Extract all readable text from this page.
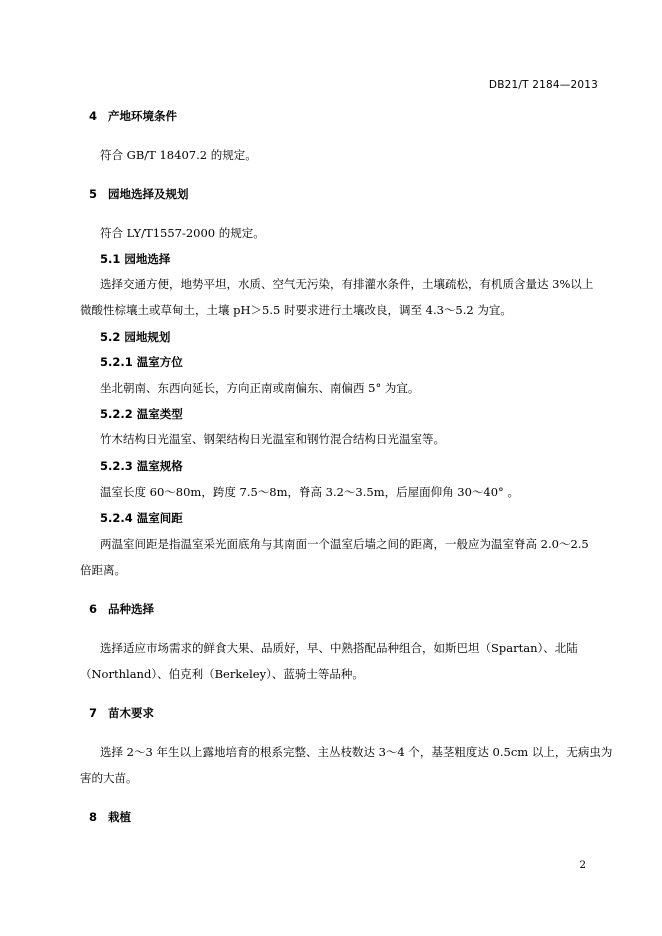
DB21/T 2184—2013
4 产地环境条件
符合 GB/T 18407.2 的规定。
5 园地选择及规划
符合 LY/T1557-2000 的规定。
5.1 园地选择
选择交通方便，地势平坦，水质、空气无污染，有排灌水条件，土壤疏松，有机质含量达 3%以上
微酸性棕壤土或草甸土，土壤 pH＞5.5 时要求进行土壤改良，调至 4.3～5.2 为宜。
5.2 园地规划
5.2.1 温室方位
坐北朝南、东西向延长，方向正南或南偏东、南偏西 5° 为宜。
5.2.2 温室类型
竹木结构日光温室、钢架结构日光温室和钢竹混合结构日光温室等。
5.2.3 温室规格
温室长度 60～80m，跨度 7.5～8m，脊高 3.2～3.5m，后屋面仰角 30～40° 。
5.2.4 温室间距
两温室间距是指温室采光面底角与其南面一个温室后墙之间的距离，一般应为温室脊高 2.0～2.5
倍距离。
6 品种选择
选择适应市场需求的鲜食大果、品质好，早、中熟搭配品种组合，如斯巴坦（Spartan）、北陆
（Northland）、伯克利（Berkeley）、蓝骑士等品种。
7 苗木要求
选择 2～3 年生以上露地培育的根系完整、主丛枝数达 3～4 个，基茎粗度达 0.5cm 以上，无病虫为
害的大苗。
8 栽植
2
